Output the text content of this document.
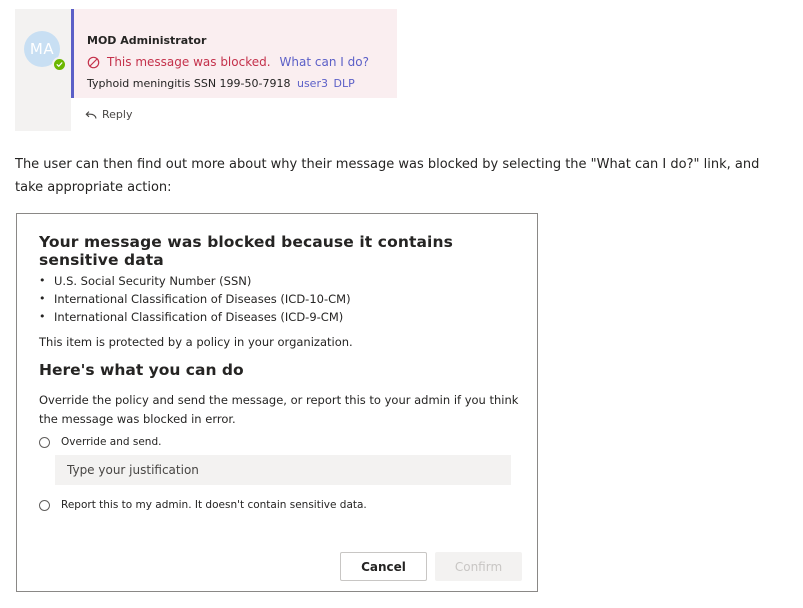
MA	MOD Administrator
This message was blocked. What can I do?
Typhoid meningitis SSN 199-50-7918 user3 DLP
Reply
The user can then find out more about why their message was blocked by selecting the "What can I do?" link, and take appropriate action:
Your message was blocked because it contains sensitive data
• U.S. Social Security Number (SSN)
• International Classification of Diseases (ICD-10-CM)
• International Classification of Diseases (ICD-9-CM)
This item is protected by a policy in your organization.
Here's what you can do
Override the policy and send the message, or report this to your admin if you think the message was blocked in error.
Override and send.
Type your justification
Report this to my admin. It doesn't contain sensitive data.
Cancel	Confirm
